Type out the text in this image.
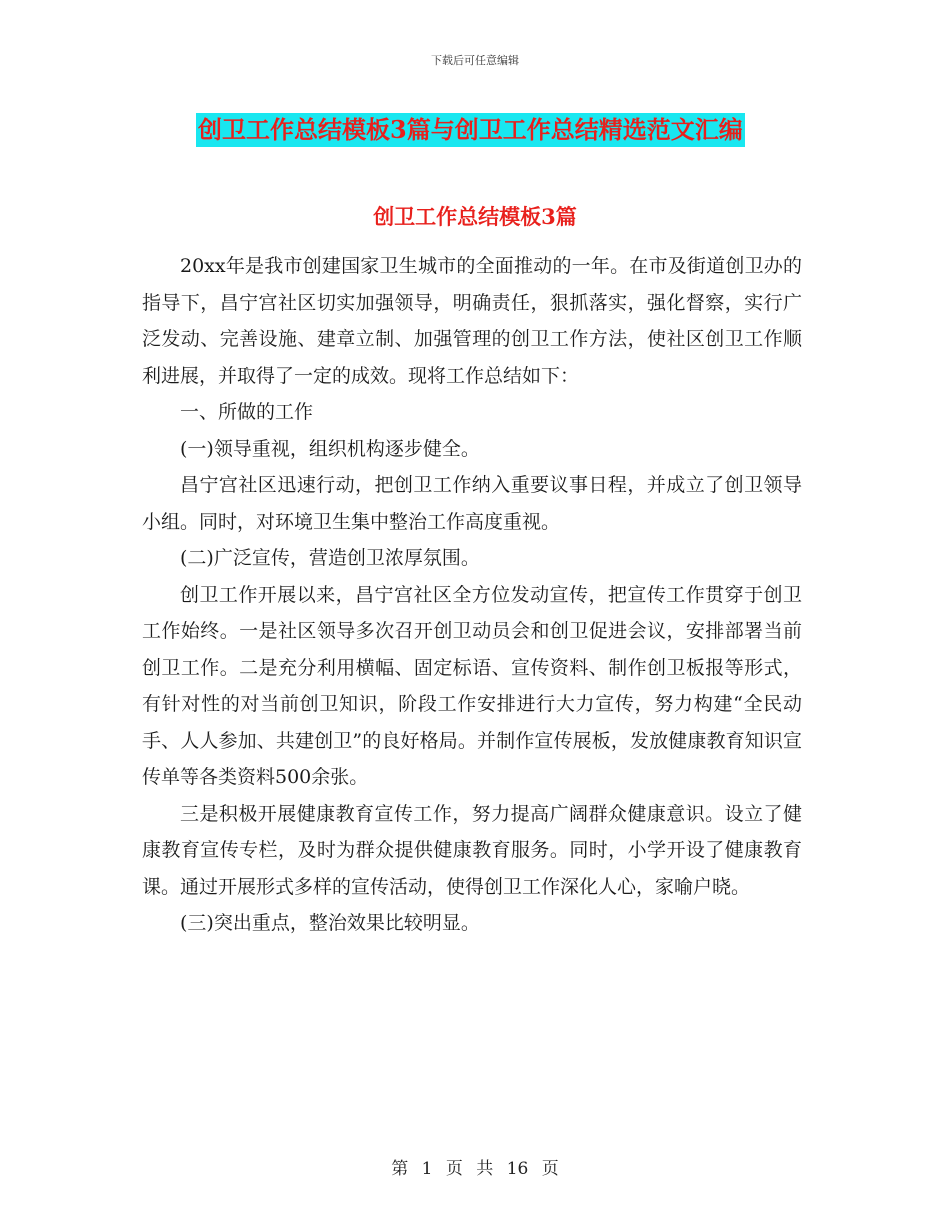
下载后可任意编辑
创卫工作总结模板3篇与创卫工作总结精选范文汇编
创卫工作总结模板3篇

20xx年是我市创建国家卫生城市的全面推动的一年。在市及街道创卫办的指导下，昌宁宫社区切实加强领导，明确责任，狠抓落实，强化督察，实行广泛发动、完善设施、建章立制、加强管理的创卫工作方法，使社区创卫工作顺利进展，并取得了一定的成效。现将工作总结如下：

一、所做的工作

(一)领导重视，组织机构逐步健全。

昌宁宫社区迅速行动，把创卫工作纳入重要议事日程，并成立了创卫领导小组。同时，对环境卫生集中整治工作高度重视。

(二)广泛宣传，营造创卫浓厚氛围。

创卫工作开展以来，昌宁宫社区全方位发动宣传，把宣传工作贯穿于创卫工作始终。一是社区领导多次召开创卫动员会和创卫促进会议，安排部署当前创卫工作。二是充分利用横幅、固定标语、宣传资料、制作创卫板报等形式，有针对性的对当前创卫知识，阶段工作安排进行大力宣传，努力构建“全民动手、人人参加、共建创卫”的良好格局。并制作宣传展板，发放健康教育知识宣传单等各类资料500余张。

三是积极开展健康教育宣传工作，努力提高广阔群众健康意识。设立了健康教育宣传专栏，及时为群众提供健康教育服务。同时，小学开设了健康教育课。通过开展形式多样的宣传活动，使得创卫工作深化人心，家喻户晓。

(三)突出重点，整治效果比较明显。

第 1 页 共 16 页
